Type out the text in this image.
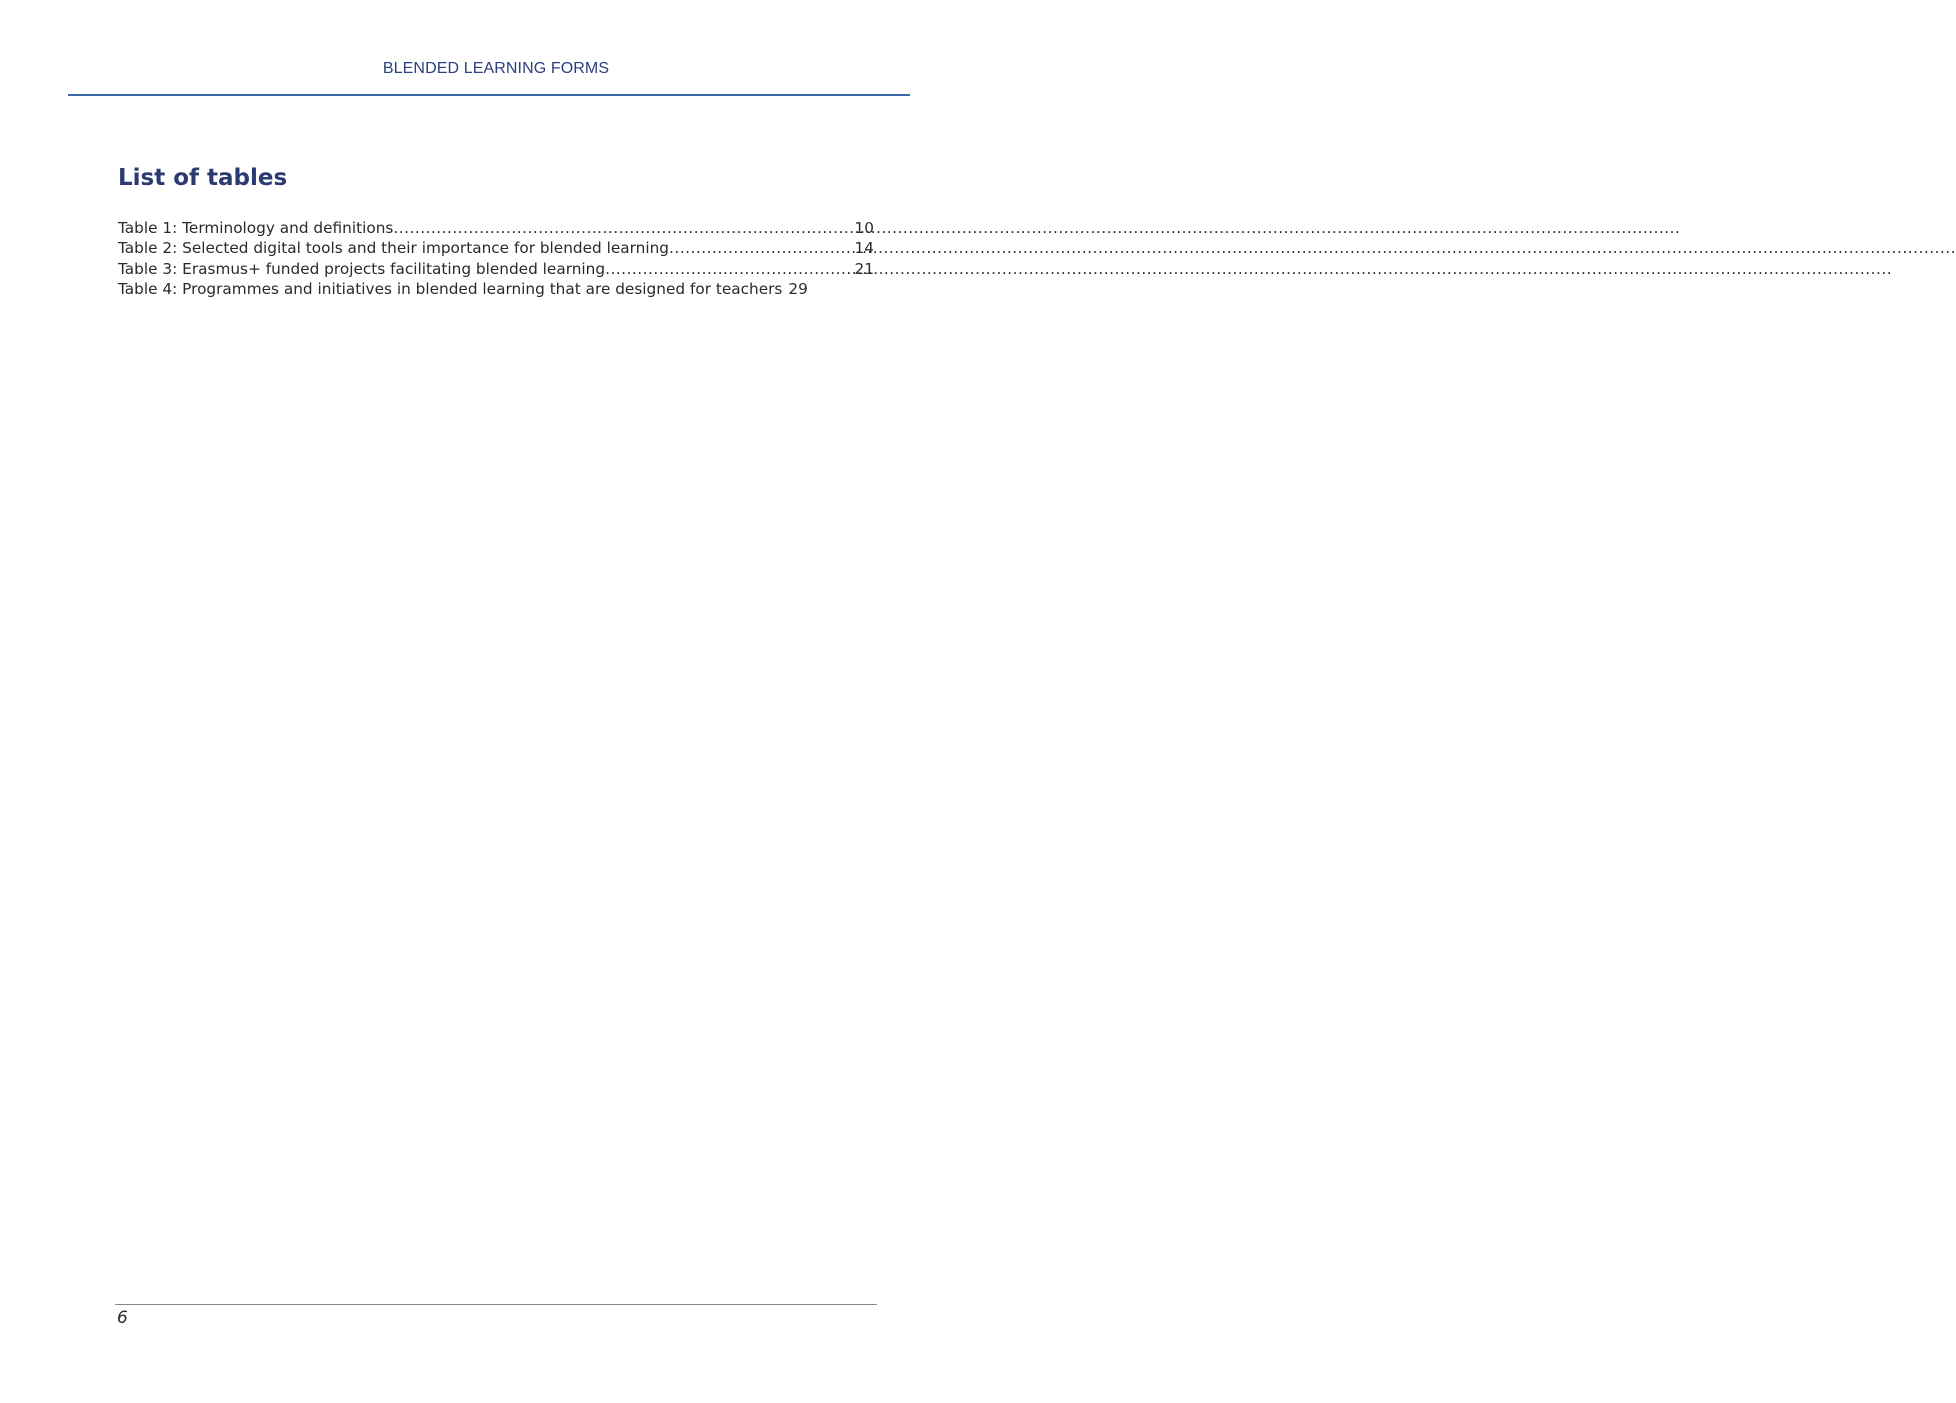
BLENDED LEARNING FORMS
List of tables
Table 1: Terminology and definitions .....	10
Table 2: Selected digital tools and their importance for blended learning .....	14
Table 3: Erasmus+ funded projects facilitating blended learning .....	21
Table 4: Programmes and initiatives in blended learning that are designed for teachers 29
6
